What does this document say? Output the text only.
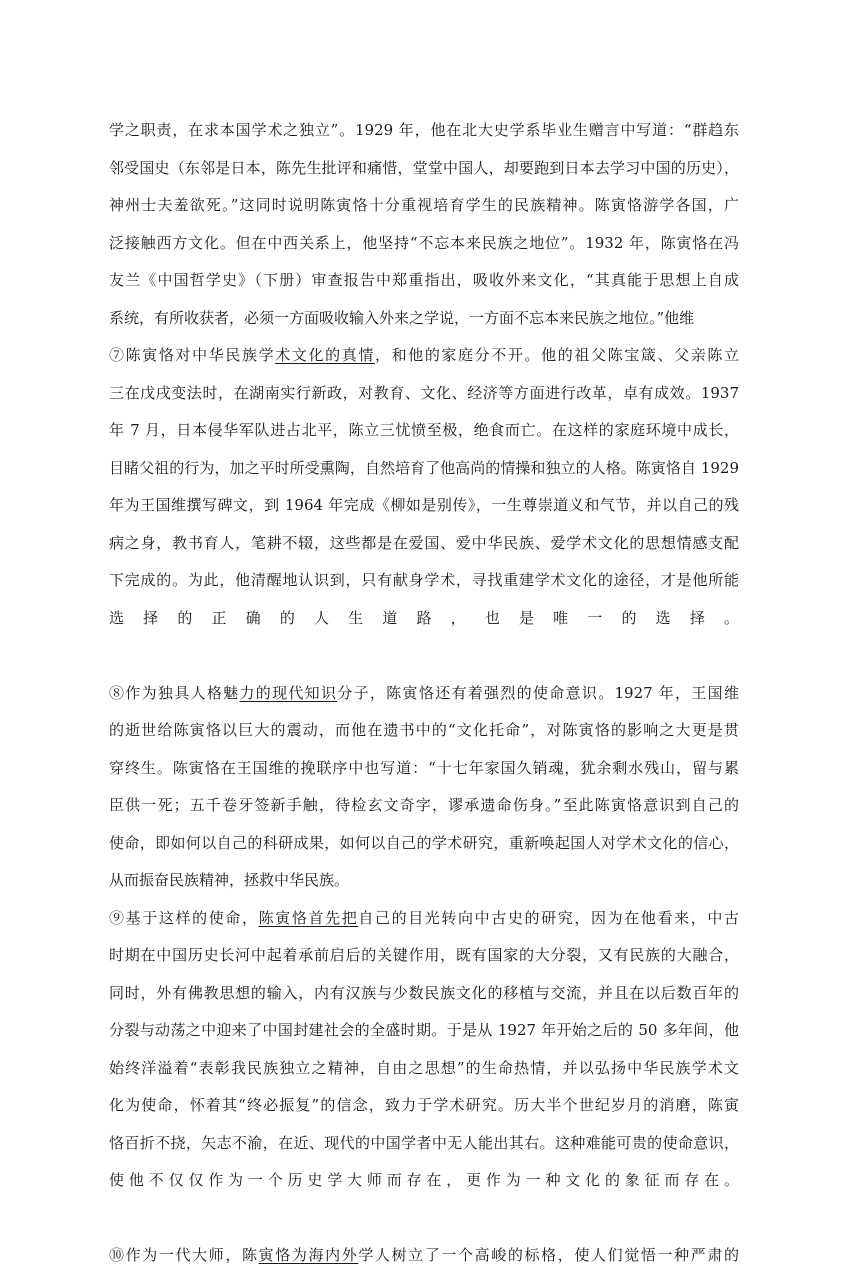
学之职责，在求本国学术之独立”。1929 年，他在北大史学系毕业生赠言中写道：“群趋东
邻受国史（东邻是日本，陈先生批评和痛惜，堂堂中国人，却要跑到日本去学习中国的历史），
神州士夫羞欲死。”这同时说明陈寅恪十分重视培育学生的民族精神。陈寅恪游学各国，广
泛接触西方文化。但在中西关系上，他坚持“不忘本来民族之地位”。1932 年，陈寅恪在冯
友兰《中国哲学史》（下册）审查报告中郑重指出，吸收外来文化，“其真能于思想上自成
系统，有所收获者，必须一方面吸收输入外来之学说，一方面不忘本来民族之地位。”他维
⑦陈寅恪对中华民族学术文化的真情，和他的家庭分不开。他的祖父陈宝箴、父亲陈立
三在戊戌变法时，在湖南实行新政，对教育、文化、经济等方面进行改革，卓有成效。1937
年 7 月，日本侵华军队进占北平，陈立三忧愤至极，绝食而亡。在这样的家庭环境中成长，
目睹父祖的行为，加之平时所受熏陶，自然培育了他高尚的情操和独立的人格。陈寅恪自 1929
年为王国维撰写碑文，到 1964 年完成《柳如是别传》，一生尊崇道义和气节，并以自己的残
病之身，教书育人，笔耕不辍，这些都是在爱国、爱中华民族、爱学术文化的思想情感支配
下完成的。为此，他清醒地认识到，只有献身学术，寻找重建学术文化的途径，才是他所能
选择的正确的人生道路，也是唯一的选择。
⑧作为独具人格魅力的现代知识分子，陈寅恪还有着强烈的使命意识。1927 年，王国维
的逝世给陈寅恪以巨大的震动，而他在遗书中的“文化托命”，对陈寅恪的影响之大更是贯
穿终生。陈寅恪在王国维的挽联序中也写道：“十七年家国久销魂，犹余剩水残山，留与累
臣供一死；五千卷牙签新手触，待检玄文奇字，谬承遗命伤身。”至此陈寅恪意识到自己的
使命，即如何以自己的科研成果，如何以自己的学术研究，重新唤起国人对学术文化的信心，
从而振奋民族精神，拯救中华民族。
⑨基于这样的使命，陈寅恪首先把自己的目光转向中古史的研究，因为在他看来，中古
时期在中国历史长河中起着承前启后的关键作用，既有国家的大分裂，又有民族的大融合，
同时，外有佛教思想的输入，内有汉族与少数民族文化的移植与交流，并且在以后数百年的
分裂与动荡之中迎来了中国封建社会的全盛时期。于是从 1927 年开始之后的 50 多年间，他
始终洋溢着“表彰我民族独立之精神，自由之思想”的生命热情，并以弘扬中华民族学术文
化为使命，怀着其“终必振复”的信念，致力于学术研究。历大半个世纪岁月的消磨，陈寅
恪百折不挠，矢志不渝，在近、现代的中国学者中无人能出其右。这种难能可贵的使命意识，
使他不仅仅作为一个历史学大师而存在，更作为一种文化的象征而存在。
⑩作为一代大师，陈寅恪为海内外学人树立了一个高峻的标格，使人们觉悟一种严肃的
